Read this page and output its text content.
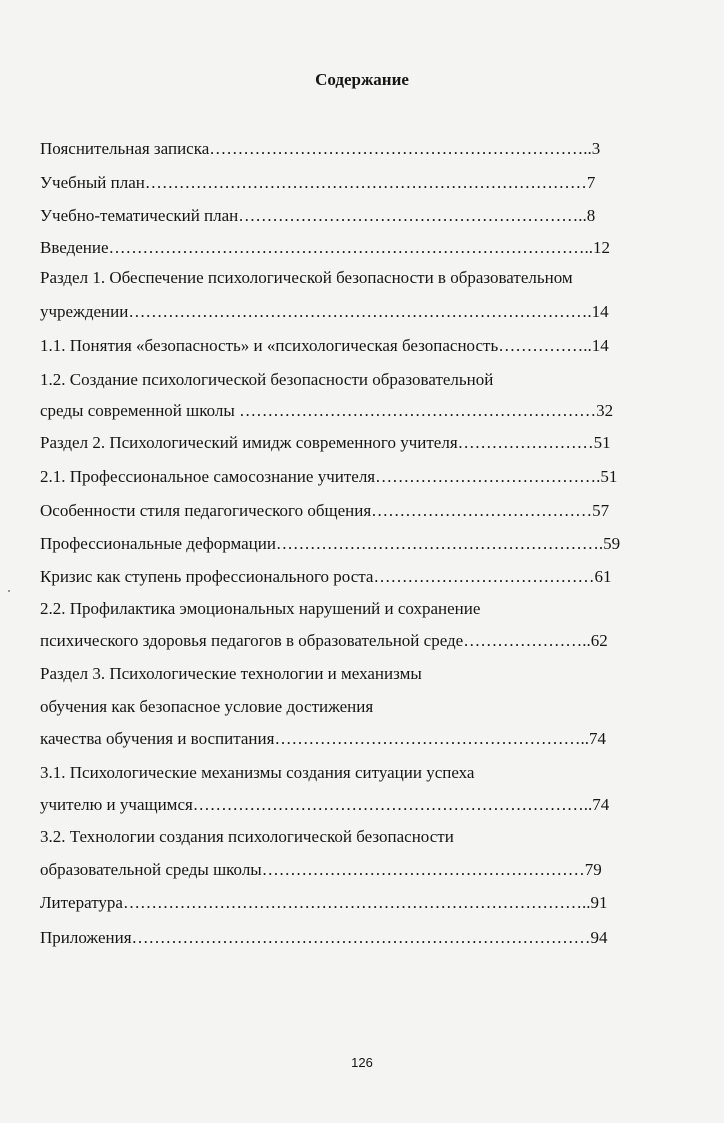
Содержание
Пояснительная записка…………………………………………………………..3
Учебный план……………………………………………………………………7
Учебно-тематический план……………………………………………………..8
Введение…………………………………………………………………………..12
Раздел 1. Обеспечение психологической безопасности в образовательном
учреждении……………………………………………………………………….14
1.1. Понятия «безопасность» и «психологическая безопасность……………..14
1.2. Создание психологической безопасности образовательной
среды современной школы ………………………………………………………32
Раздел 2. Психологический имидж современного учителя……………………51
2.1. Профессиональное самосознание учителя………………………………….51
Особенности стиля педагогического общения…………………………………57
Профессиональные деформации………………………………………………….59
Кризис как ступень профессионального роста…………………………………61
2.2. Профилактика эмоциональных нарушений и сохранение
психического здоровья педагогов в образовательной среде…………………..62
Раздел 3. Психологические технологии и механизмы
обучения как безопасное условие достижения
качества обучения и воспитания………………………………………………..74
3.1. Психологические механизмы создания ситуации успеха
учителю и учащимся……………………………………………………………..74
3.2. Технологии создания психологической безопасности
образовательной среды школы…………………………………………………79
Литература………………………………………………………………………..91
Приложения………………………………………………………………………94
126
